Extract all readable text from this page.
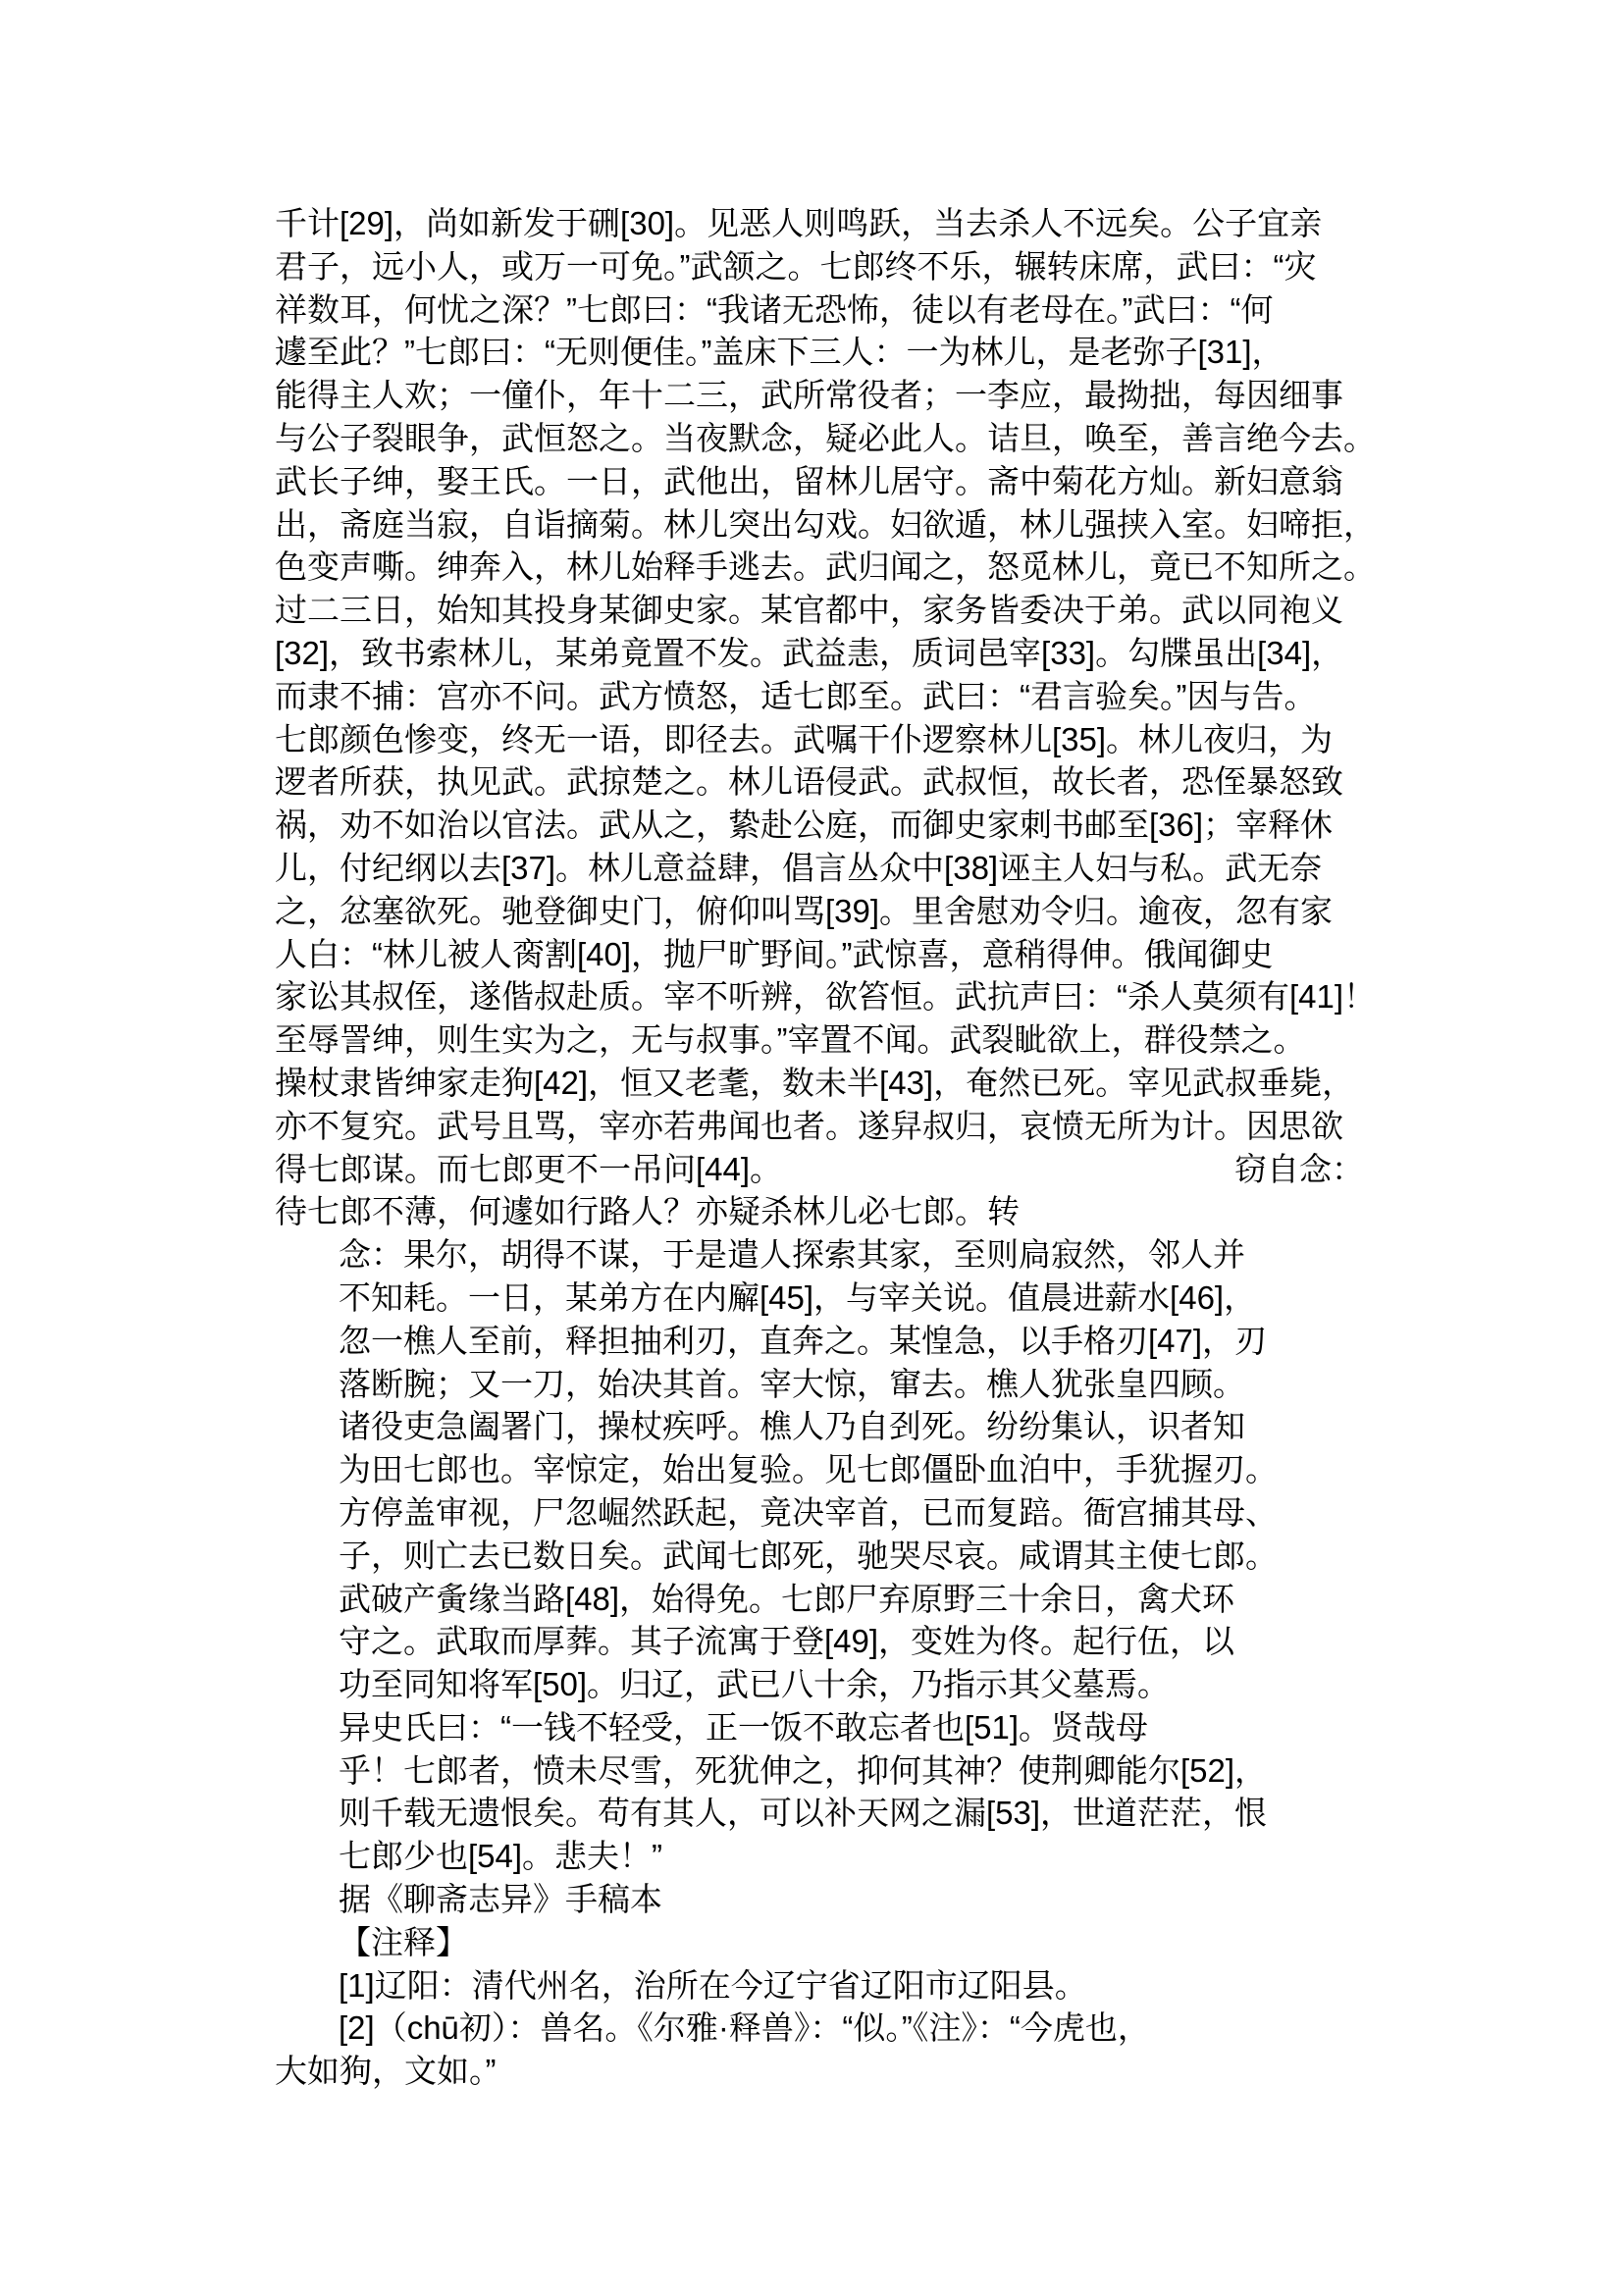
千计[29]，尚如新发于硎[30]。见恶人则鸣跃，当去杀人不远矣。公子宜亲
君子，远小人，或万一可免。”武颔之。七郎终不乐，辗转床席，武曰：“灾
祥数耳，何忧之深？”七郎曰：“我诸无恐怖，徒以有老母在。”武曰：“何
遽至此？”七郎曰：“无则便佳。”盖床下三人：一为林儿，是老弥子[31]，
能得主人欢；一僮仆，年十二三，武所常役者；一李应，最拗拙，每因细事
与公子裂眼争，武恒怒之。当夜默念，疑必此人。诘旦，唤至，善言绝今去。
武长子绅，娶王氏。一日，武他出，留林儿居守。斋中菊花方灿。新妇意翁
出，斋庭当寂，自诣摘菊。林儿突出勾戏。妇欲遁，林儿强挟入室。妇啼拒，
色变声嘶。绅奔入，林儿始释手逃去。武归闻之，怒觅林儿，竟已不知所之。
过二三日，始知其投身某御史家。某官都中，家务皆委决于弟。武以同袍义
[32]，致书索林儿，某弟竟置不发。武益恚，质词邑宰[33]。勾牒虽出[34]，
而隶不捕：宫亦不问。武方愤怒，适七郎至。武曰：“君言验矣。”因与告。
七郎颜色惨变，终无一语，即径去。武嘱干仆逻察林儿[35]。林儿夜归，为
逻者所获，执见武。武掠楚之。林儿语侵武。武叔恒，故长者，恐侄暴怒致
祸，劝不如治以官法。武从之，絷赴公庭，而御史家刺书邮至[36]；宰释休
儿，付纪纲以去[37]。林儿意益肆，倡言丛众中[38]诬主人妇与私。武无奈
之，忿塞欲死。驰登御史门，俯仰叫骂[39]。里舍慰劝令归。逾夜，忽有家
人白：“林儿被人脔割[40]，抛尸旷野间。”武惊喜，意稍得伸。俄闻御史
家讼其叔侄，遂偕叔赴质。宰不听辨，欲笞恒。武抗声曰：“杀人莫须有[41]！
至辱詈绅，则生实为之，无与叔事。”宰置不闻。武裂眦欲上，群役禁之。
操杖隶皆绅家走狗[42]，恒又老耄，数未半[43]，奄然已死。宰见武叔垂毙，
亦不复究。武号且骂，宰亦若弗闻也者。遂舁叔归，哀愤无所为计。因思欲
得七郎谋。而七郎更不一吊问[44]。	窃自念：
待七郎不薄，何遽如行路人？亦疑杀林儿必七郎。转
念：果尔，胡得不谋，于是遣人探索其家，至则扃寂然，邻人并
不知耗。一日，某弟方在内廨[45]，与宰关说。值晨进薪水[46]，
忽一樵人至前，释担抽利刃，直奔之。某惶急，以手格刃[47]，刃
落断腕；又一刀，始决其首。宰大惊，窜去。樵人犹张皇四顾。
诸役吏急阖署门，操杖疾呼。樵人乃自刭死。纷纷集认，识者知
为田七郎也。宰惊定，始出复验。见七郎僵卧血泊中，手犹握刃。
方停盖审视，尸忽崛然跃起，竟决宰首，已而复踣。衙宫捕其母、
子，则亡去已数日矣。武闻七郎死，驰哭尽哀。咸谓其主使七郎。
武破产夤缘当路[48]，始得免。七郎尸弃原野三十余日，禽犬环
守之。武取而厚葬。其子流寓于登[49]，变姓为佟。起行伍，以
功至同知将军[50]。归辽，武已八十余，乃指示其父墓焉。
异史氏曰：“一钱不轻受，正一饭不敢忘者也[51]。贤哉母
乎！七郎者，愤未尽雪，死犹伸之，抑何其神？使荆卿能尔[52]，
则千载无遗恨矣。苟有其人，可以补天网之漏[53]，世道茫茫，恨
七郎少也[54]。悲夫！”
据《聊斋志异》手稿本
【注释】
[1]辽阳：清代州名，治所在今辽宁省辽阳市辽阳县。
[2]（chū初）：兽名。《尔雅·释兽》：“似。”《注》：“今虎也，
大如狗，文如。”
